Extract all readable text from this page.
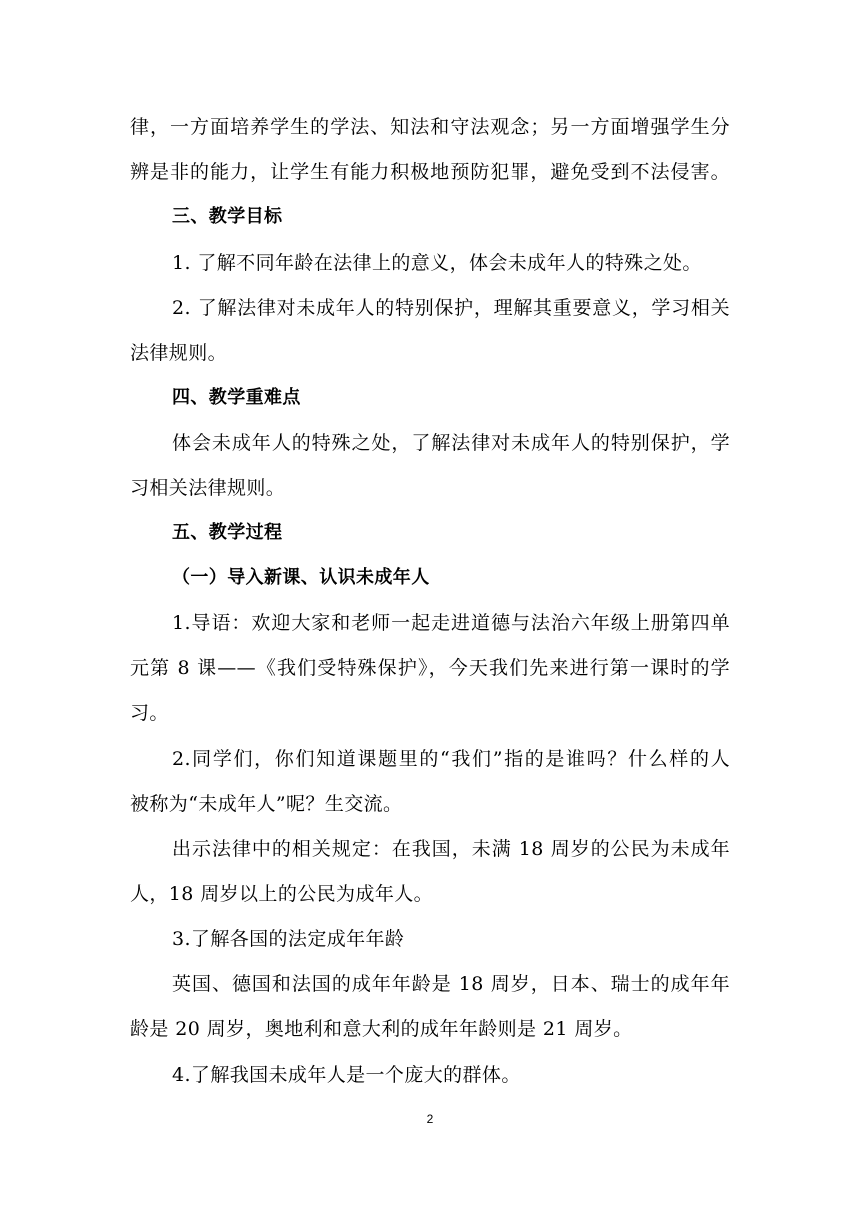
律，一方面培养学生的学法、知法和守法观念；另一方面增强学生分
辨是非的能力，让学生有能力积极地预防犯罪，避免受到不法侵害。
三、教学目标
1. 了解不同年龄在法律上的意义，体会未成年人的特殊之处。
2. 了解法律对未成年人的特别保护，理解其重要意义，学习相关
法律规则。
四、教学重难点
体会未成年人的特殊之处，了解法律对未成年人的特别保护，学
习相关法律规则。
五、教学过程
（一）导入新课、认识未成年人
1.导语：欢迎大家和老师一起走进道德与法治六年级上册第四单
元第 8 课——《我们受特殊保护》，今天我们先来进行第一课时的学
习。
2.同学们，你们知道课题里的“我们”指的是谁吗？什么样的人
被称为“未成年人”呢？生交流。
出示法律中的相关规定：在我国，未满 18 周岁的公民为未成年
人，18 周岁以上的公民为成年人。
3.了解各国的法定成年年龄
英国、德国和法国的成年年龄是 18 周岁，日本、瑞士的成年年
龄是 20 周岁，奥地利和意大利的成年年龄则是 21 周岁。
4.了解我国未成年人是一个庞大的群体。
2
